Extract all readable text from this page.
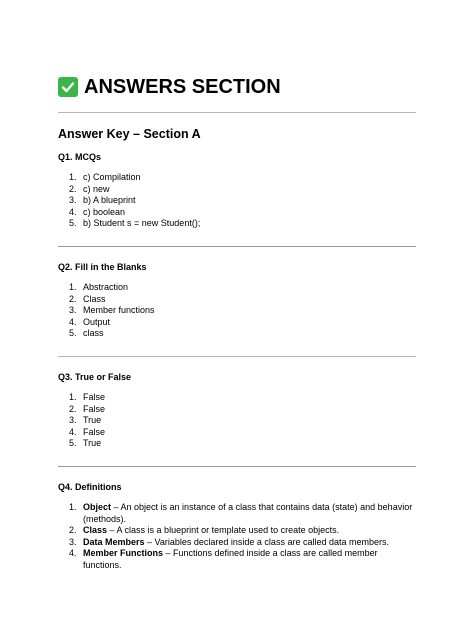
ANSWERS SECTION
Answer Key – Section A
Q1. MCQs
1. c) Compilation
2. c) new
3. b) A blueprint
4. c) boolean
5. b) Student s = new Student();
Q2. Fill in the Blanks
1. Abstraction
2. Class
3. Member functions
4. Output
5. class
Q3. True or False
1. False
2. False
3. True
4. False
5. True
Q4. Definitions
1. Object – An object is an instance of a class that contains data (state) and behavior (methods).
2. Class – A class is a blueprint or template used to create objects.
3. Data Members – Variables declared inside a class are called data members.
4. Member Functions – Functions defined inside a class are called member functions.
